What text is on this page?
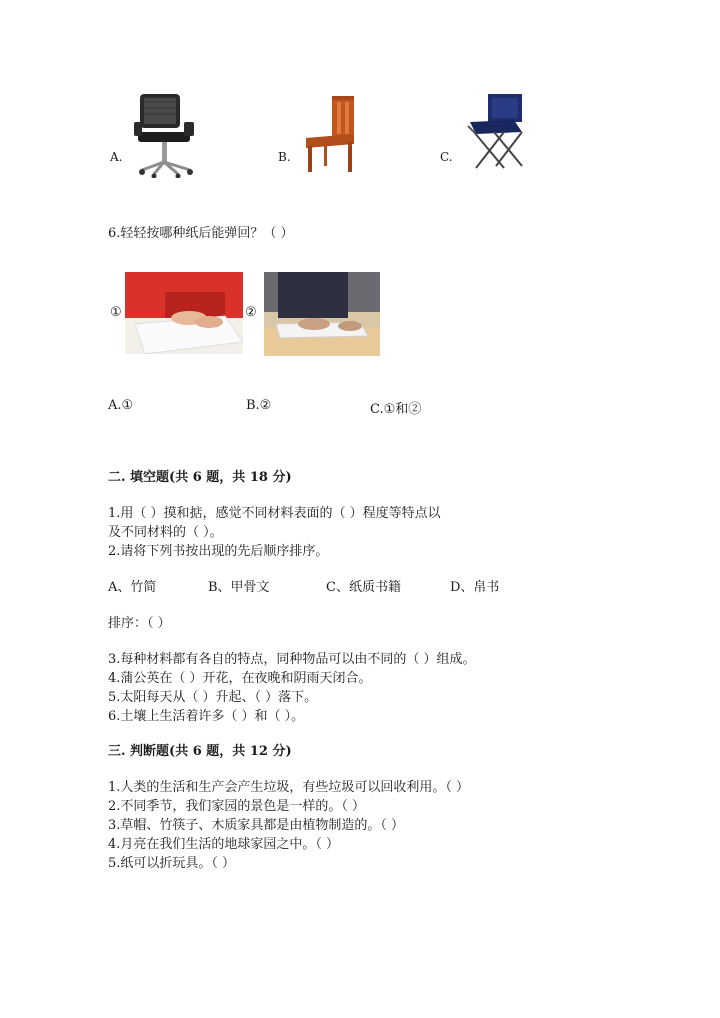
A.	B.	C.
6.轻轻按哪种纸后能弹回？（ ）
①	②
A.①	B.②	C.①和②
二. 填空题(共 6 题，共 18 分)
1.用（ ）摸和掂，感觉不同材料表面的（ ）程度等特点以
及不同材料的（ ）。
2.请将下列书按出现的先后顺序排序。
A、竹简	B、甲骨文	C、纸质书籍	D、帛书
排序：（ ）
3.每种材料都有各自的特点，同种物品可以由不同的（ ）组成。
4.蒲公英在（ ）开花，在夜晚和阴雨天闭合。
5.太阳每天从（ ）升起、（ ）落下。
6.土壤上生活着许多（ ）和（ ）。
三. 判断题(共 6 题，共 12 分)
1.人类的生活和生产会产生垃圾，有些垃圾可以回收利用。（ ）
2.不同季节，我们家园的景色是一样的。（ ）
3.草帽、竹筷子、木质家具都是由植物制造的。（ ）
4.月亮在我们生活的地球家园之中。（ ）
5.纸可以折玩具。（ ）
